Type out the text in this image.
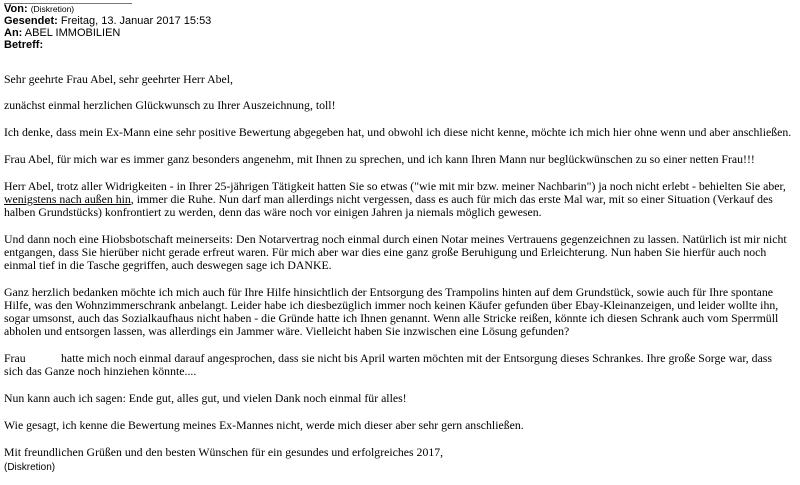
Von: (Diskretion)
Gesendet: Freitag, 13. Januar 2017 15:53
An: ABEL IMMOBILIEN
Betreff:

Sehr geehrte Frau Abel, sehr geehrter Herr Abel,

zunächst einmal herzlichen Glückwunsch zu Ihrer Auszeichnung, toll!

Ich denke, dass mein Ex-Mann eine sehr positive Bewertung abgegeben hat, und obwohl ich diese nicht kenne, möchte ich mich hier ohne wenn und aber anschließen.

Frau Abel, für mich war es immer ganz besonders angenehm, mit Ihnen zu sprechen, und ich kann Ihren Mann nur beglückwünschen zu so einer netten Frau!!!

Herr Abel, trotz aller Widrigkeiten - in Ihrer 25-jährigen Tätigkeit hatten Sie so etwas ("wie mit mir bzw. meiner Nachbarin") ja noch nicht erlebt - behielten Sie aber,

wenigstens nach außen hin, immer die Ruhe. Nun darf man allerdings nicht vergessen, dass es auch für mich das erste Mal war, mit so einer Situation (Verkauf des

halben Grundstücks) konfrontiert zu werden, denn das wäre noch vor einigen Jahren ja niemals möglich gewesen.

Und dann noch eine Hiobsbotschaft meinerseits: Den Notarvertrag noch einmal durch einen Notar meines Vertrauens gegenzeichnen zu lassen. Natürlich ist mir nicht

entgangen, dass Sie hierüber nicht gerade erfreut waren. Für mich aber war dies eine ganz große Beruhigung und Erleichterung. Nun haben Sie hierfür auch noch

einmal tief in die Tasche gegriffen, auch deswegen sage ich DANKE.

Ganz herzlich bedanken möchte ich mich auch für Ihre Hilfe hinsichtlich der Entsorgung des Trampolins hinten auf dem Grundstück, sowie auch für Ihre spontane

Hilfe, was den Wohnzimmerschrank anbelangt. Leider habe ich diesbezüglich immer noch keinen Käufer gefunden über Ebay-Kleinanzeigen, und leider wollte ihn,

sogar umsonst, auch das Sozialkaufhaus nicht haben - die Gründe hatte ich Ihnen genannt. Wenn alle Stricke reißen, könnte ich diesen Schrank auch vom Sperrmüll

abholen und entsorgen lassen, was allerdings ein Jammer wäre. Vielleicht haben Sie inzwischen eine Lösung gefunden?

Frau            hatte mich noch einmal darauf angesprochen, dass sie nicht bis April warten möchten mit der Entsorgung dieses Schrankes. Ihre große Sorge war, dass

sich das Ganze noch hinziehen könnte....

Nun kann auch ich sagen: Ende gut, alles gut, und vielen Dank noch einmal für alles!

Wie gesagt, ich kenne die Bewertung meines Ex-Mannes nicht, werde mich dieser aber sehr gern anschließen.

Mit freundlichen Grüßen und den besten Wünschen für ein gesundes und erfolgreiches 2017,

(Diskretion)
